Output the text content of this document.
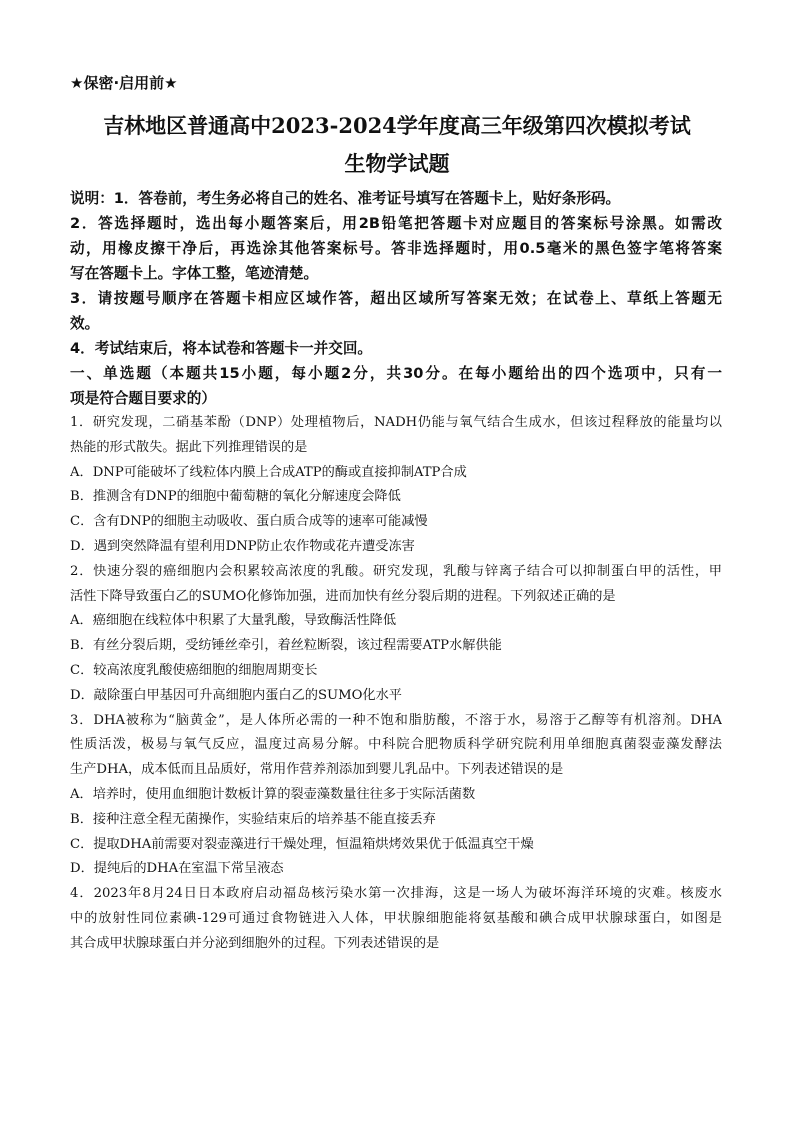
★保密·启用前★
吉林地区普通高中2023-2024学年度高三年级第四次模拟考试
生物学试题

说明：1．答卷前，考生务必将自己的姓名、准考证号填写在答题卡上，贴好条形码。

2．答选择题时，选出每小题答案后，用2B铅笔把答题卡对应题目的答案标号涂黑。如需改

动，用橡皮擦干净后，再选涂其他答案标号。答非选择题时，用0.5毫米的黑色签字笔将答案

写在答题卡上。字体工整，笔迹清楚。

3．请按题号顺序在答题卡相应区域作答，超出区域所写答案无效；在试卷上、草纸上答题无

效。

4．考试结束后，将本试卷和答题卡一并交回。

一、单选题（本题共15小题，每小题2分，共30分。在每小题给出的四个选项中，只有一

项是符合题目要求的）

1．研究发现，二硝基苯酚（DNP）处理植物后，NADH仍能与氧气结合生成水，但该过程释放的能量均以

热能的形式散失。据此下列推理错误的是

A．DNP可能破坏了线粒体内膜上合成ATP的酶或直接抑制ATP合成

B．推测含有DNP的细胞中葡萄糖的氧化分解速度会降低

C．含有DNP的细胞主动吸收、蛋白质合成等的速率可能减慢

D．遇到突然降温有望利用DNP防止农作物或花卉遭受冻害

2．快速分裂的癌细胞内会积累较高浓度的乳酸。研究发现，乳酸与锌离子结合可以抑制蛋白甲的活性，甲

活性下降导致蛋白乙的SUMO化修饰加强，进而加快有丝分裂后期的进程。下列叙述正确的是

A．癌细胞在线粒体中积累了大量乳酸，导致酶活性降低

B．有丝分裂后期，受纺锤丝牵引，着丝粒断裂，该过程需要ATP水解供能

C．较高浓度乳酸使癌细胞的细胞周期变长

D．敲除蛋白甲基因可升高细胞内蛋白乙的SUMO化水平

3．DHA被称为“脑黄金”，是人体所必需的一种不饱和脂肪酸，不溶于水，易溶于乙醇等有机溶剂。DHA

性质活泼，极易与氧气反应，温度过高易分解。中科院合肥物质科学研究院利用单细胞真菌裂壶藻发酵法

生产DHA，成本低而且品质好，常用作营养剂添加到婴儿乳品中。下列表述错误的是

A．培养时，使用血细胞计数板计算的裂壶藻数量往往多于实际活菌数

B．接种注意全程无菌操作，实验结束后的培养基不能直接丢弃

C．提取DHA前需要对裂壶藻进行干燥处理，恒温箱烘烤效果优于低温真空干燥

D．提纯后的DHA在室温下常呈液态

4．2023年8月24日日本政府启动福岛核污染水第一次排海，这是一场人为破坏海洋环境的灾难。核废水

中的放射性同位素碘-129可通过食物链进入人体，甲状腺细胞能将氨基酸和碘合成甲状腺球蛋白，如图是

其合成甲状腺球蛋白并分泌到细胞外的过程。下列表述错误的是
